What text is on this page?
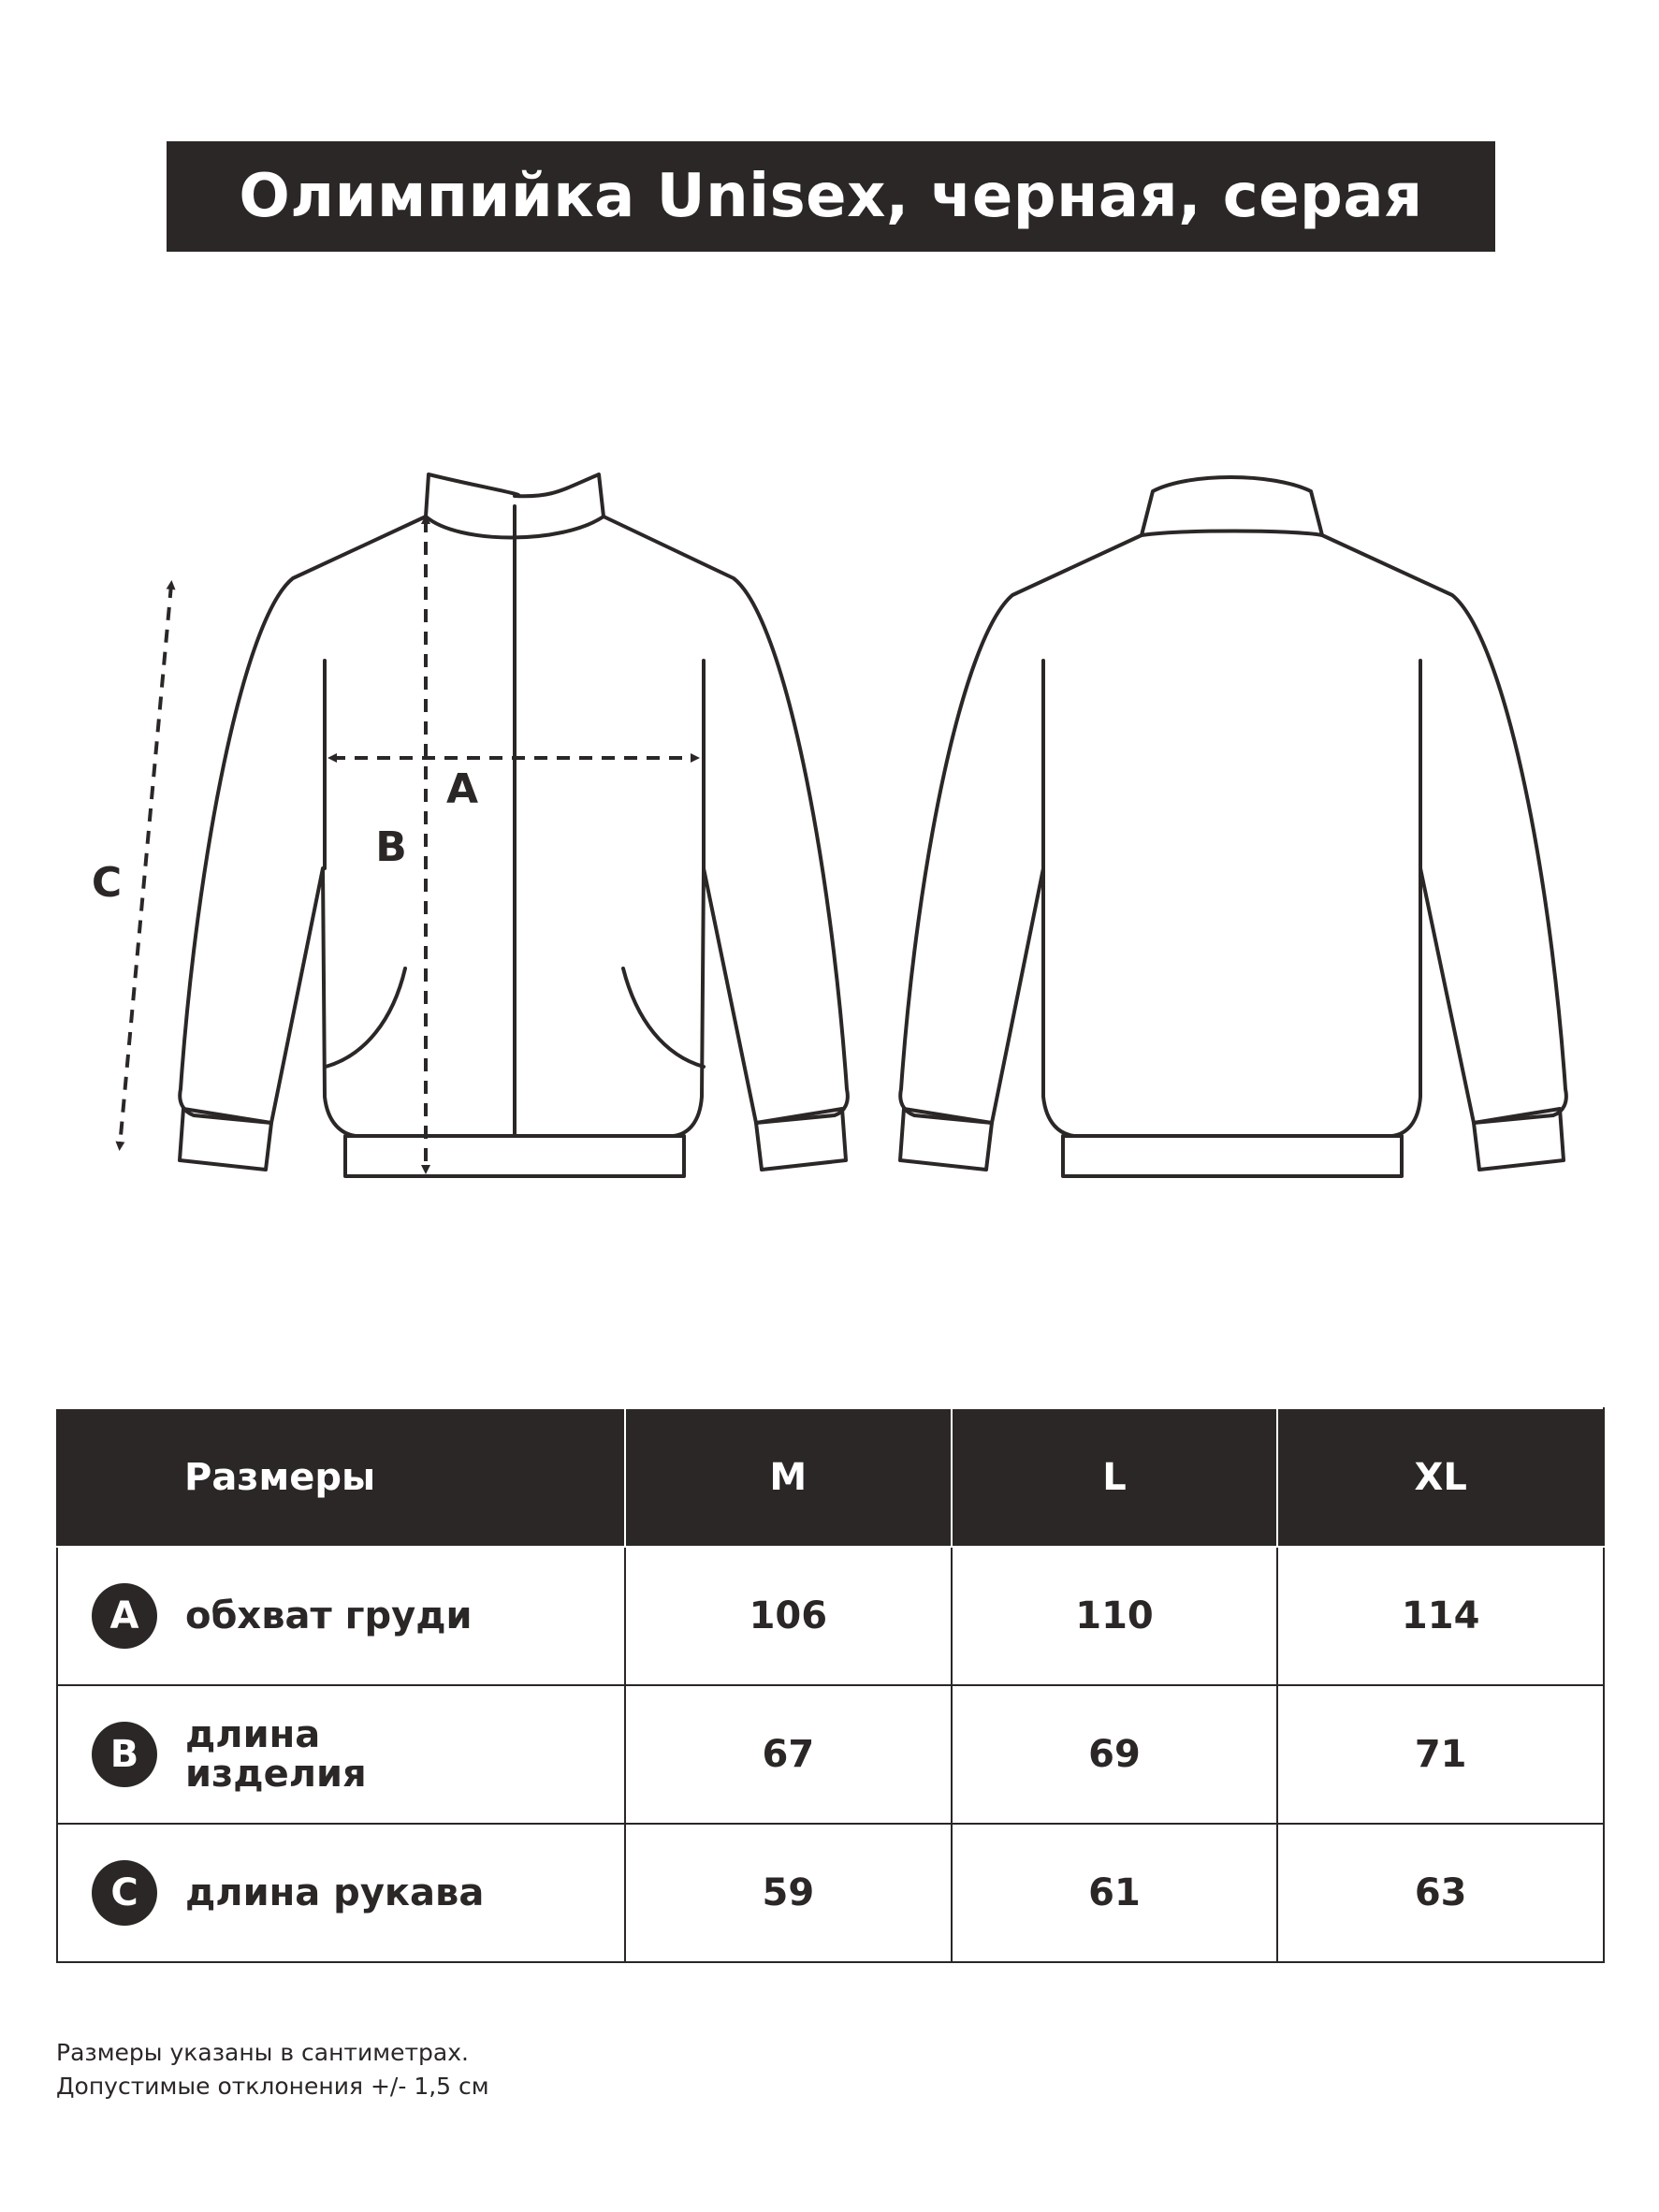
Олимпийка Unisex, черная, серая
A
B
C
Размеры	M	L	XL

A обхват груди	106	110	114

B длина изделия	67	69	71

C длина рукава	59	61	63
Размеры указаны в сантиметрах.
Допустимые отклонения +/- 1,5 см
